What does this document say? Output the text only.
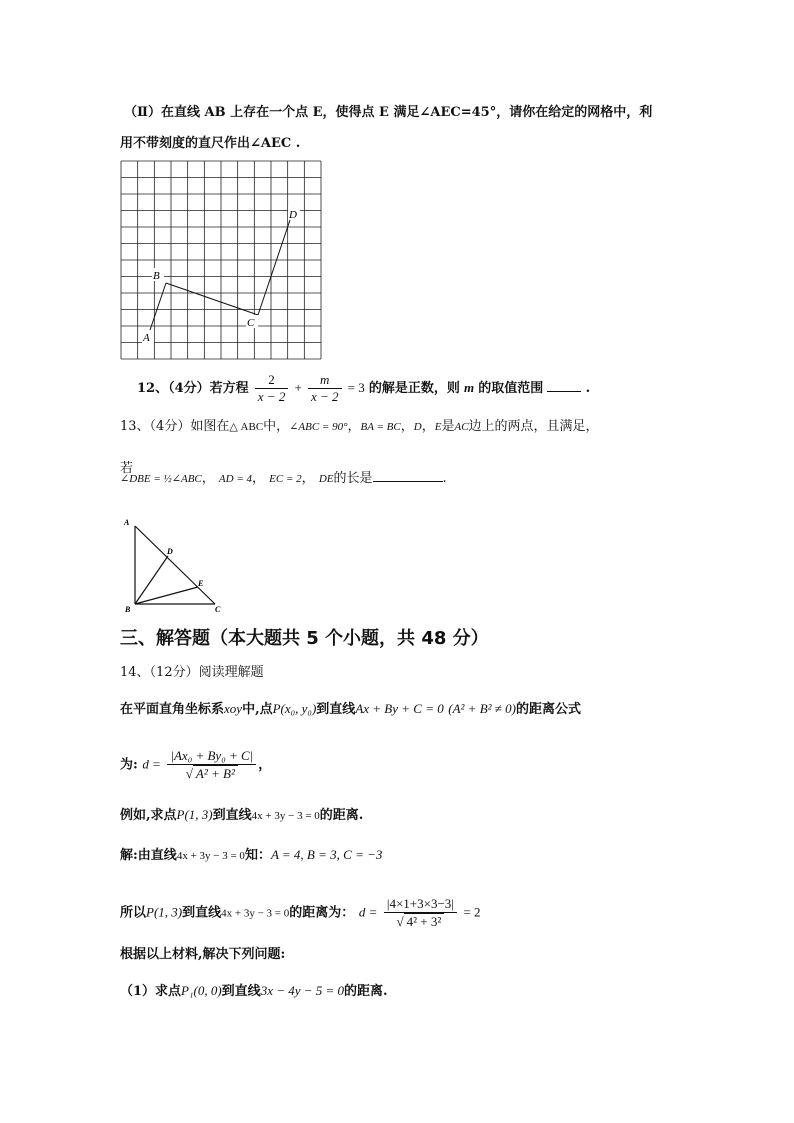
（Ⅱ）在直线 AB 上存在一个点 E，使得点 E 满足∠AEC=45°，请你在给定的网格中，利
用不带刻度的直尺作出∠AEC .
A
B
C
D
12、（4分）若方程 $\frac{2}{x - 2} + \frac{m}{x - 2} = 3$ 的解是正数，则 m 的取值范围	.
13、（4分）如图在△ ABC中，∠ABC = 90°，BA = BC，D，E是AC边上的两点，且满足，
若
∠DBE = ½∠ABC， AD = 4， EC = 2， DE的长是	.
A
D
E
B	C
三、解答题（本大题共 5 个小题，共 48 分）
14、（12分）阅读理解题
在平面直角坐标系xoy中,点P(x₀, y₀)到直线Ax + By + C = 0 (A² + B² ≠ 0)的距离公式
为: $d = \frac{\text{|Ax₀ + By₀ + C|}}{\text{√ A² + B²}}$ ，
例如,求点P(1, 3)到直线4x + 3y − 3 = 0的距离.
解:由直线4x + 3y − 3 = 0知：A = 4, B = 3, C = −3
所以P(1, 3)到直线4x + 3y − 3 = 0的距离为： $d = \frac{|4\times 1+3\times 3-3|}{\text{√ 4² + 3²}} = 2$
根据以上材料,解决下列问题:
（1）求点P₁(0, 0)到直线3x − 4y − 5 = 0的距离.
